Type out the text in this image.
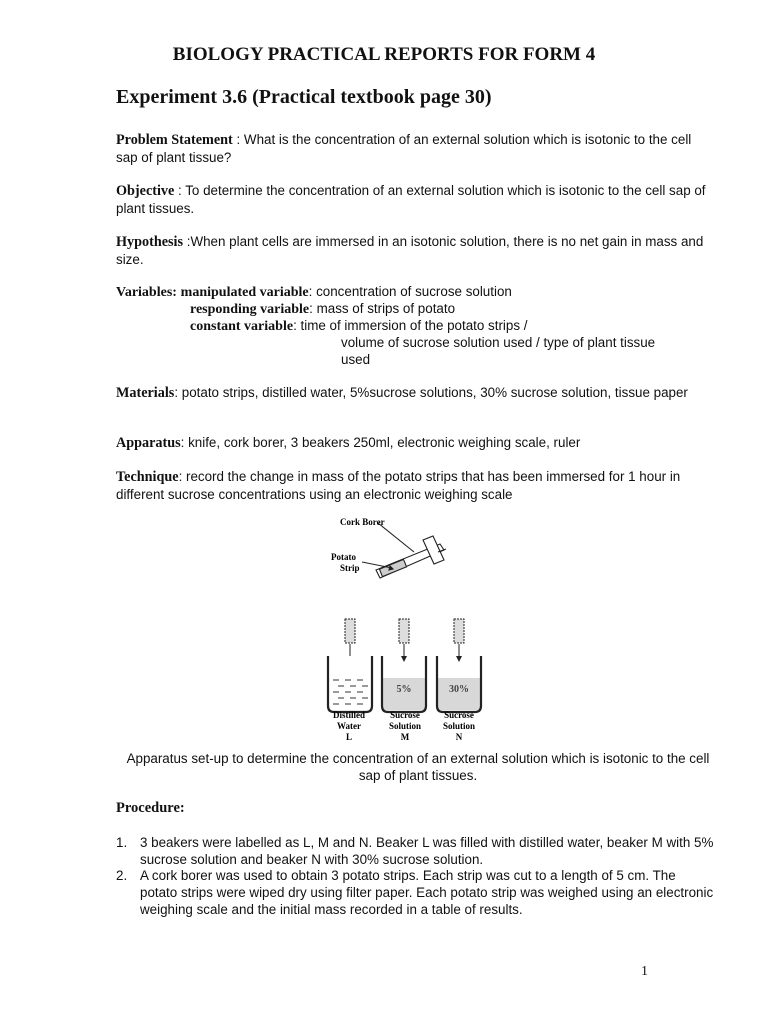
BIOLOGY PRACTICAL REPORTS FOR FORM 4
Experiment 3.6 (Practical textbook page 30)
Problem Statement : What is the concentration of an external solution which is isotonic to the cell sap of plant tissue?
Objective : To determine the concentration of an external solution which is isotonic to the cell sap of plant tissues.
Hypothesis :When plant cells are immersed in an isotonic solution, there is no net gain in mass and size.
Variables: manipulated variable: concentration of sucrose solution
responding variable: mass of strips of potato
constant variable: time of immersion of the potato strips /
volume of sucrose solution used / type of plant tissue
used
Materials: potato strips, distilled water, 5%sucrose solutions, 30% sucrose solution, tissue paper
Apparatus: knife, cork borer, 3 beakers 250ml, electronic weighing scale, ruler
Technique: record the change in mass of the potato strips that has been immersed for 1 hour in different sucrose concentrations using an electronic weighing scale
Cork Borer
Potato
Strip
5%	30%
Distilled
Water
L
Sucrose
Solution
M
Sucrose
Solution
N
Apparatus set-up to determine the concentration of an external solution which is isotonic to the cell sap of plant tissues.
Procedure:
1. 3 beakers were labelled as L, M and N. Beaker L was filled with distilled water, beaker M with 5% sucrose solution and beaker N with 30% sucrose solution.
2. A cork borer was used to obtain 3 potato strips. Each strip was cut to a length of 5 cm. The potato strips were wiped dry using filter paper. Each potato strip was weighed using an electronic weighing scale and the initial mass recorded in a table of results.
1
